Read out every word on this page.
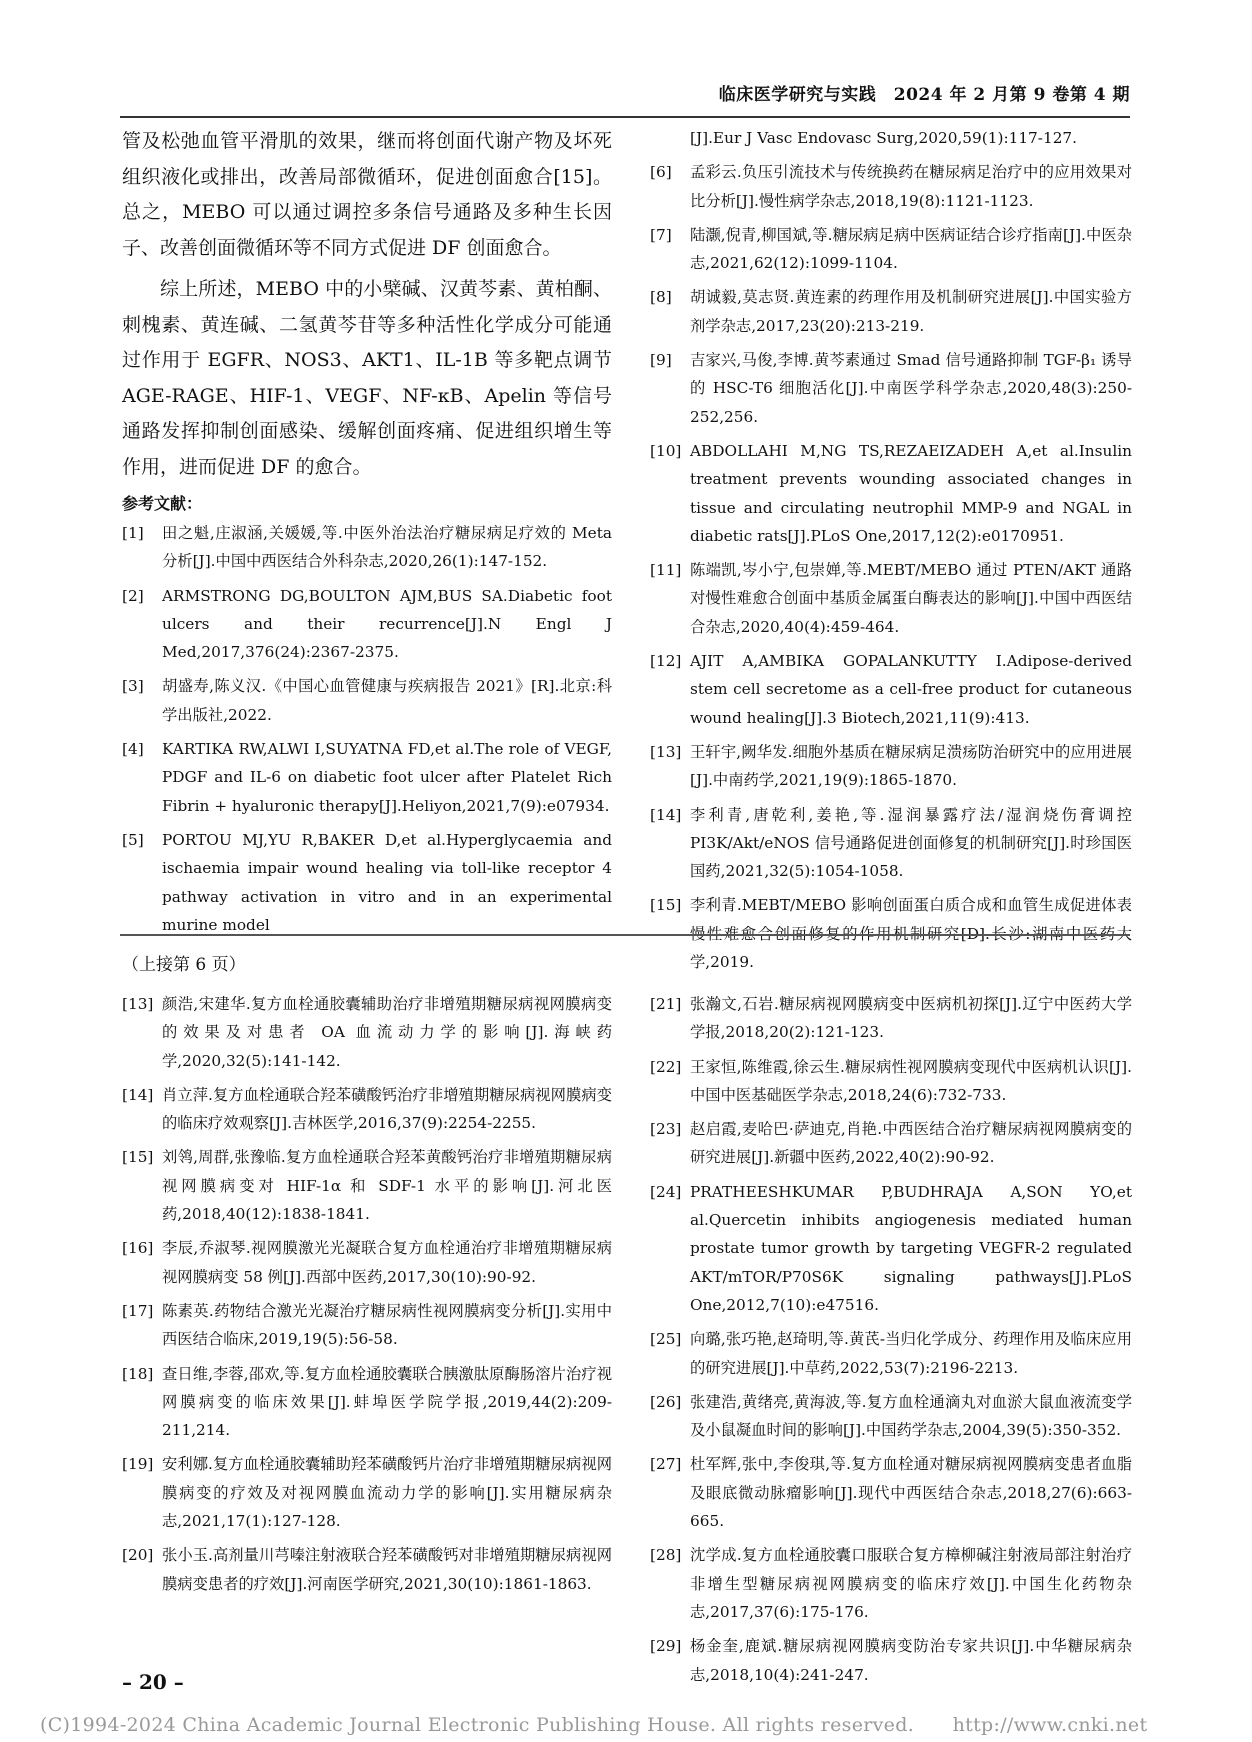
临床医学研究与实践　2024 年 2 月第 9 卷第 4 期

管及松弛血管平滑肌的效果，继而将创面代谢产物及坏死组织液化或排出，改善局部微循环，促进创面愈合[15]。总之，MEBO 可以通过调控多条信号通路及多种生长因子、改善创面微循环等不同方式促进 DF 创面愈合。

综上所述，MEBO 中的小檗碱、汉黄芩素、黄柏酮、刺槐素、黄连碱、二氢黄芩苷等多种活性化学成分可能通过作用于 EGFR、NOS3、AKT1、IL-1B 等多靶点调节 AGE-RAGE、HIF-1、VEGF、NF-κB、Apelin 等信号通路发挥抑制创面感染、缓解创面疼痛、促进组织增生等作用，进而促进 DF 的愈合。

参考文献：
[1]	田之魁,庄淑涵,关媛媛,等.中医外治法治疗糖尿病足疗效的 Meta 分析[J].中国中西医结合外科杂志,2020,26(1):147-152.
[2]	ARMSTRONG DG,BOULTON AJM,BUS SA.Diabetic foot ulcers and their recurrence[J].N Engl J Med,2017,376(24):2367-2375.
[3]	胡盛寿,陈义汉.《中国心血管健康与疾病报告 2021》[R].北京:科学出版社,2022.
[4]	KARTIKA RW,ALWI I,SUYATNA FD,et al.The role of VEGF, PDGF and IL-6 on diabetic foot ulcer after Platelet Rich Fibrin + hyaluronic therapy[J].Heliyon,2021,7(9):e07934.
[5]	PORTOU MJ,YU R,BAKER D,et al.Hyperglycaemia and ischaemia impair wound healing via toll-like receptor 4 pathway activation in vitro and in an experimental murine model
[J].Eur J Vasc Endovasc Surg,2020,59(1):117-127.
[6]	孟彩云.负压引流技术与传统换药在糖尿病足治疗中的应用效果对比分析[J].慢性病学杂志,2018,19(8):1121-1123.
[7]	陆灏,倪青,柳国斌,等.糖尿病足病中医病证结合诊疗指南[J].中医杂志,2021,62(12):1099-1104.
[8]	胡诚毅,莫志贤.黄连素的药理作用及机制研究进展[J].中国实验方剂学杂志,2017,23(20):213-219.
[9]	吉家兴,马俊,李博.黄芩素通过 Smad 信号通路抑制 TGF-β₁ 诱导的 HSC-T6 细胞活化[J].中南医学科学杂志,2020,48(3):250-252,256.
[10] ABDOLLAHI M,NG TS,REZAEIZADEH A,et al.Insulin treatment prevents wounding associated changes in tissue and circulating neutrophil MMP-9 and NGAL in diabetic rats[J].PLoS One,2017,12(2):e0170951.
[11] 陈端凯,岑小宁,包崇婵,等.MEBT/MEBO 通过 PTEN/AKT 通路对慢性难愈合创面中基质金属蛋白酶表达的影响[J].中国中西医结合杂志,2020,40(4):459-464.
[12] AJIT A,AMBIKA GOPALANKUTTY I.Adipose-derived stem cell secretome as a cell-free product for cutaneous wound healing[J].3 Biotech,2021,11(9):413.
[13] 王轩宇,阙华发.细胞外基质在糖尿病足溃疡防治研究中的应用进展[J].中南药学,2021,19(9):1865-1870.
[14] 李利青,唐乾利,姜艳,等.湿润暴露疗法/湿润烧伤膏调控 PI3K/Akt/eNOS 信号通路促进创面修复的机制研究[J].时珍国医国药,2021,32(5):1054-1058.
[15] 李利青.MEBT/MEBO 影响创面蛋白质合成和血管生成促进体表慢性难愈合创面修复的作用机制研究[D].长沙:湖南中医药大学,2019.
（上接第 6 页）
[13] 颜浩,宋建华.复方血栓通胶囊辅助治疗非增殖期糖尿病视网膜病变的效果及对患者 OA 血流动力学的影响[J].海峡药学,2020,32(5):141-142.
[14] 肖立萍.复方血栓通联合羟苯磺酸钙治疗非增殖期糖尿病视网膜病变的临床疗效观察[J].吉林医学,2016,37(9):2254-2255.
[15] 刘鸰,周群,张豫临.复方血栓通联合羟苯黄酸钙治疗非增殖期糖尿病视网膜病变对 HIF-1α 和 SDF-1 水平的影响[J].河北医药,2018,40(12):1838-1841.
[16] 李辰,乔淑琴.视网膜激光光凝联合复方血栓通治疗非增殖期糖尿病视网膜病变 58 例[J].西部中医药,2017,30(10):90-92.
[17] 陈素英.药物结合激光光凝治疗糖尿病性视网膜病变分析[J].实用中西医结合临床,2019,19(5):56-58.
[18] 查日维,李蓉,邵欢,等.复方血栓通胶囊联合胰激肽原酶肠溶片治疗视网膜病变的临床效果[J].蚌埠医学院学报,2019,44(2):209-211,214.
[19] 安利娜.复方血栓通胶囊辅助羟苯磺酸钙片治疗非增殖期糖尿病视网膜病变的疗效及对视网膜血流动力学的影响[J].实用糖尿病杂志,2021,17(1):127-128.
[20] 张小玉.高剂量川芎嗪注射液联合羟苯磺酸钙对非增殖期糖尿病视网膜病变患者的疗效[J].河南医学研究,2021,30(10):1861-1863.
[21] 张瀚文,石岩.糖尿病视网膜病变中医病机初探[J].辽宁中医药大学学报,2018,20(2):121-123.
[22] 王家恒,陈维霞,徐云生.糖尿病性视网膜病变现代中医病机认识[J].中国中医基础医学杂志,2018,24(6):732-733.
[23] 赵启霞,麦哈巴·萨迪克,肖艳.中西医结合治疗糖尿病视网膜病变的研究进展[J].新疆中医药,2022,40(2):90-92.
[24] PRATHEESHKUMAR P,BUDHRAJA A,SON YO,et al.Quercetin inhibits angiogenesis mediated human prostate tumor growth by targeting VEGFR-2 regulated AKT/mTOR/P70S6K signaling pathways[J].PLoS One,2012,7(10):e47516.
[25] 向璐,张巧艳,赵琦明,等.黄芪-当归化学成分、药理作用及临床应用的研究进展[J].中草药,2022,53(7):2196-2213.
[26] 张建浩,黄绪亮,黄海波,等.复方血栓通滴丸对血淤大鼠血液流变学及小鼠凝血时间的影响[J].中国药学杂志,2004,39(5):350-352.
[27] 杜军辉,张中,李俊琪,等.复方血栓通对糖尿病视网膜病变患者血脂及眼底微动脉瘤影响[J].现代中西医结合杂志,2018,27(6):663-665.
[28] 沈学成.复方血栓通胶囊口服联合复方樟柳碱注射液局部注射治疗非增生型糖尿病视网膜病变的临床疗效[J].中国生化药物杂志,2017,37(6):175-176.
[29] 杨金奎,鹿斌.糖尿病视网膜病变防治专家共识[J].中华糖尿病杂志,2018,10(4):241-247.
– 20 –
(C)1994-2024 China Academic Journal Electronic Publishing House. All rights reserved.　　http://www.cnki.net
